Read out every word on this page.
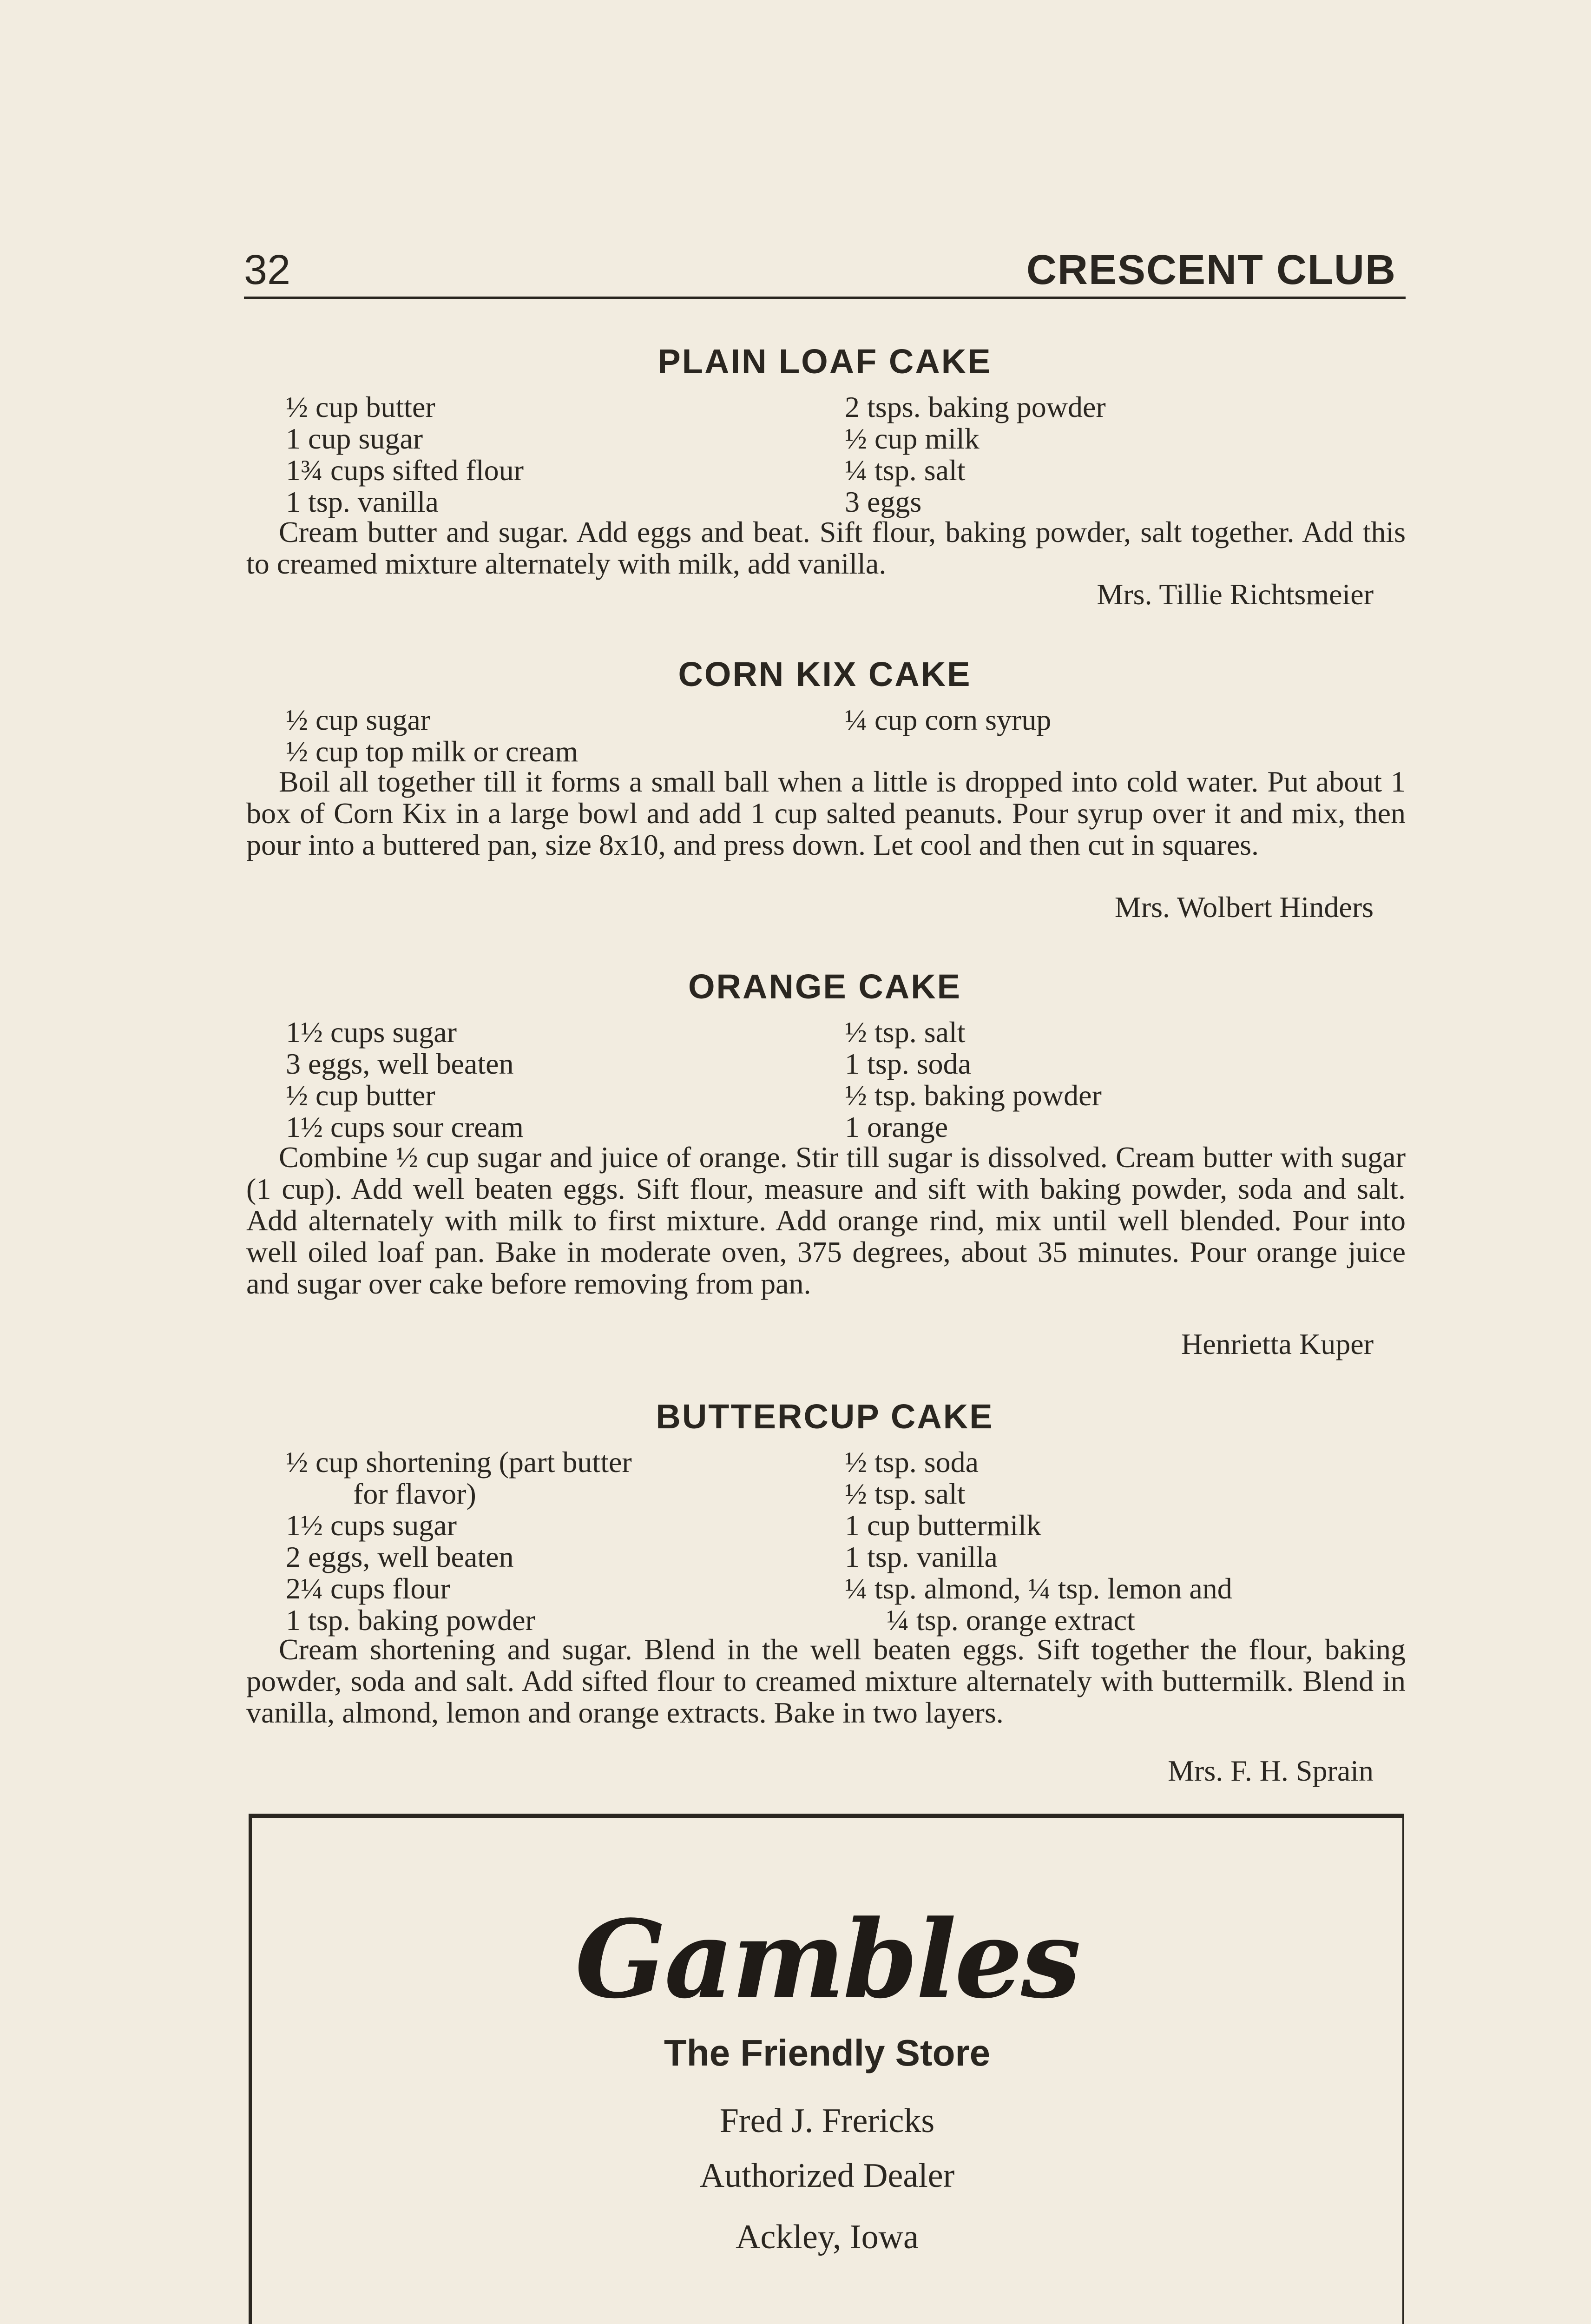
32	CRESCENT CLUB
PLAIN LOAF CAKE
½ cup butter
1 cup sugar
1¾ cups sifted flour
1 tsp. vanilla
2 tsps. baking powder
½ cup milk
¼ tsp. salt
3 eggs

Cream butter and sugar. Add eggs and beat. Sift flour, baking powder, salt together. Add this to creamed mixture alternately with milk, add vanilla.

Mrs. Tillie Richtsmeier
CORN KIX CAKE
½ cup sugar
½ cup top milk or cream
¼ cup corn syrup

Boil all together till it forms a small ball when a little is dropped into cold water. Put about 1 box of Corn Kix in a large bowl and add 1 cup salted peanuts. Pour syrup over it and mix, then pour into a buttered pan, size 8x10, and press down. Let cool and then cut in squares.

Mrs. Wolbert Hinders
ORANGE CAKE
1½ cups sugar
3 eggs, well beaten
½ cup butter
1½ cups sour cream
½ tsp. salt
1 tsp. soda
½ tsp. baking powder
1 orange

Combine ½ cup sugar and juice of orange. Stir till sugar is dissolved. Cream butter with sugar (1 cup). Add well beaten eggs. Sift flour, measure and sift with baking powder, soda and salt. Add alternately with milk to first mixture. Add orange rind, mix until well blended. Pour into well oiled loaf pan. Bake in moderate oven, 375 degrees, about 35 minutes. Pour orange juice and sugar over cake before removing from pan.

Henrietta Kuper
BUTTERCUP CAKE
½ cup shortening (part butter
for flavor)
1½ cups sugar
2 eggs, well beaten
2¼ cups flour
1 tsp. baking powder
½ tsp. soda
½ tsp. salt
1 cup buttermilk
1 tsp. vanilla
¼ tsp. almond, ¼ tsp. lemon and
¼ tsp. orange extract

Cream shortening and sugar. Blend in the well beaten eggs. Sift together the flour, baking powder, soda and salt. Add sifted flour to creamed mixture alternately with buttermilk. Blend in vanilla, almond, lemon and orange extracts. Bake in two layers.

Mrs. F. H. Sprain
Gambles
The Friendly Store
Fred J. Frericks
Authorized Dealer
Ackley, Iowa
